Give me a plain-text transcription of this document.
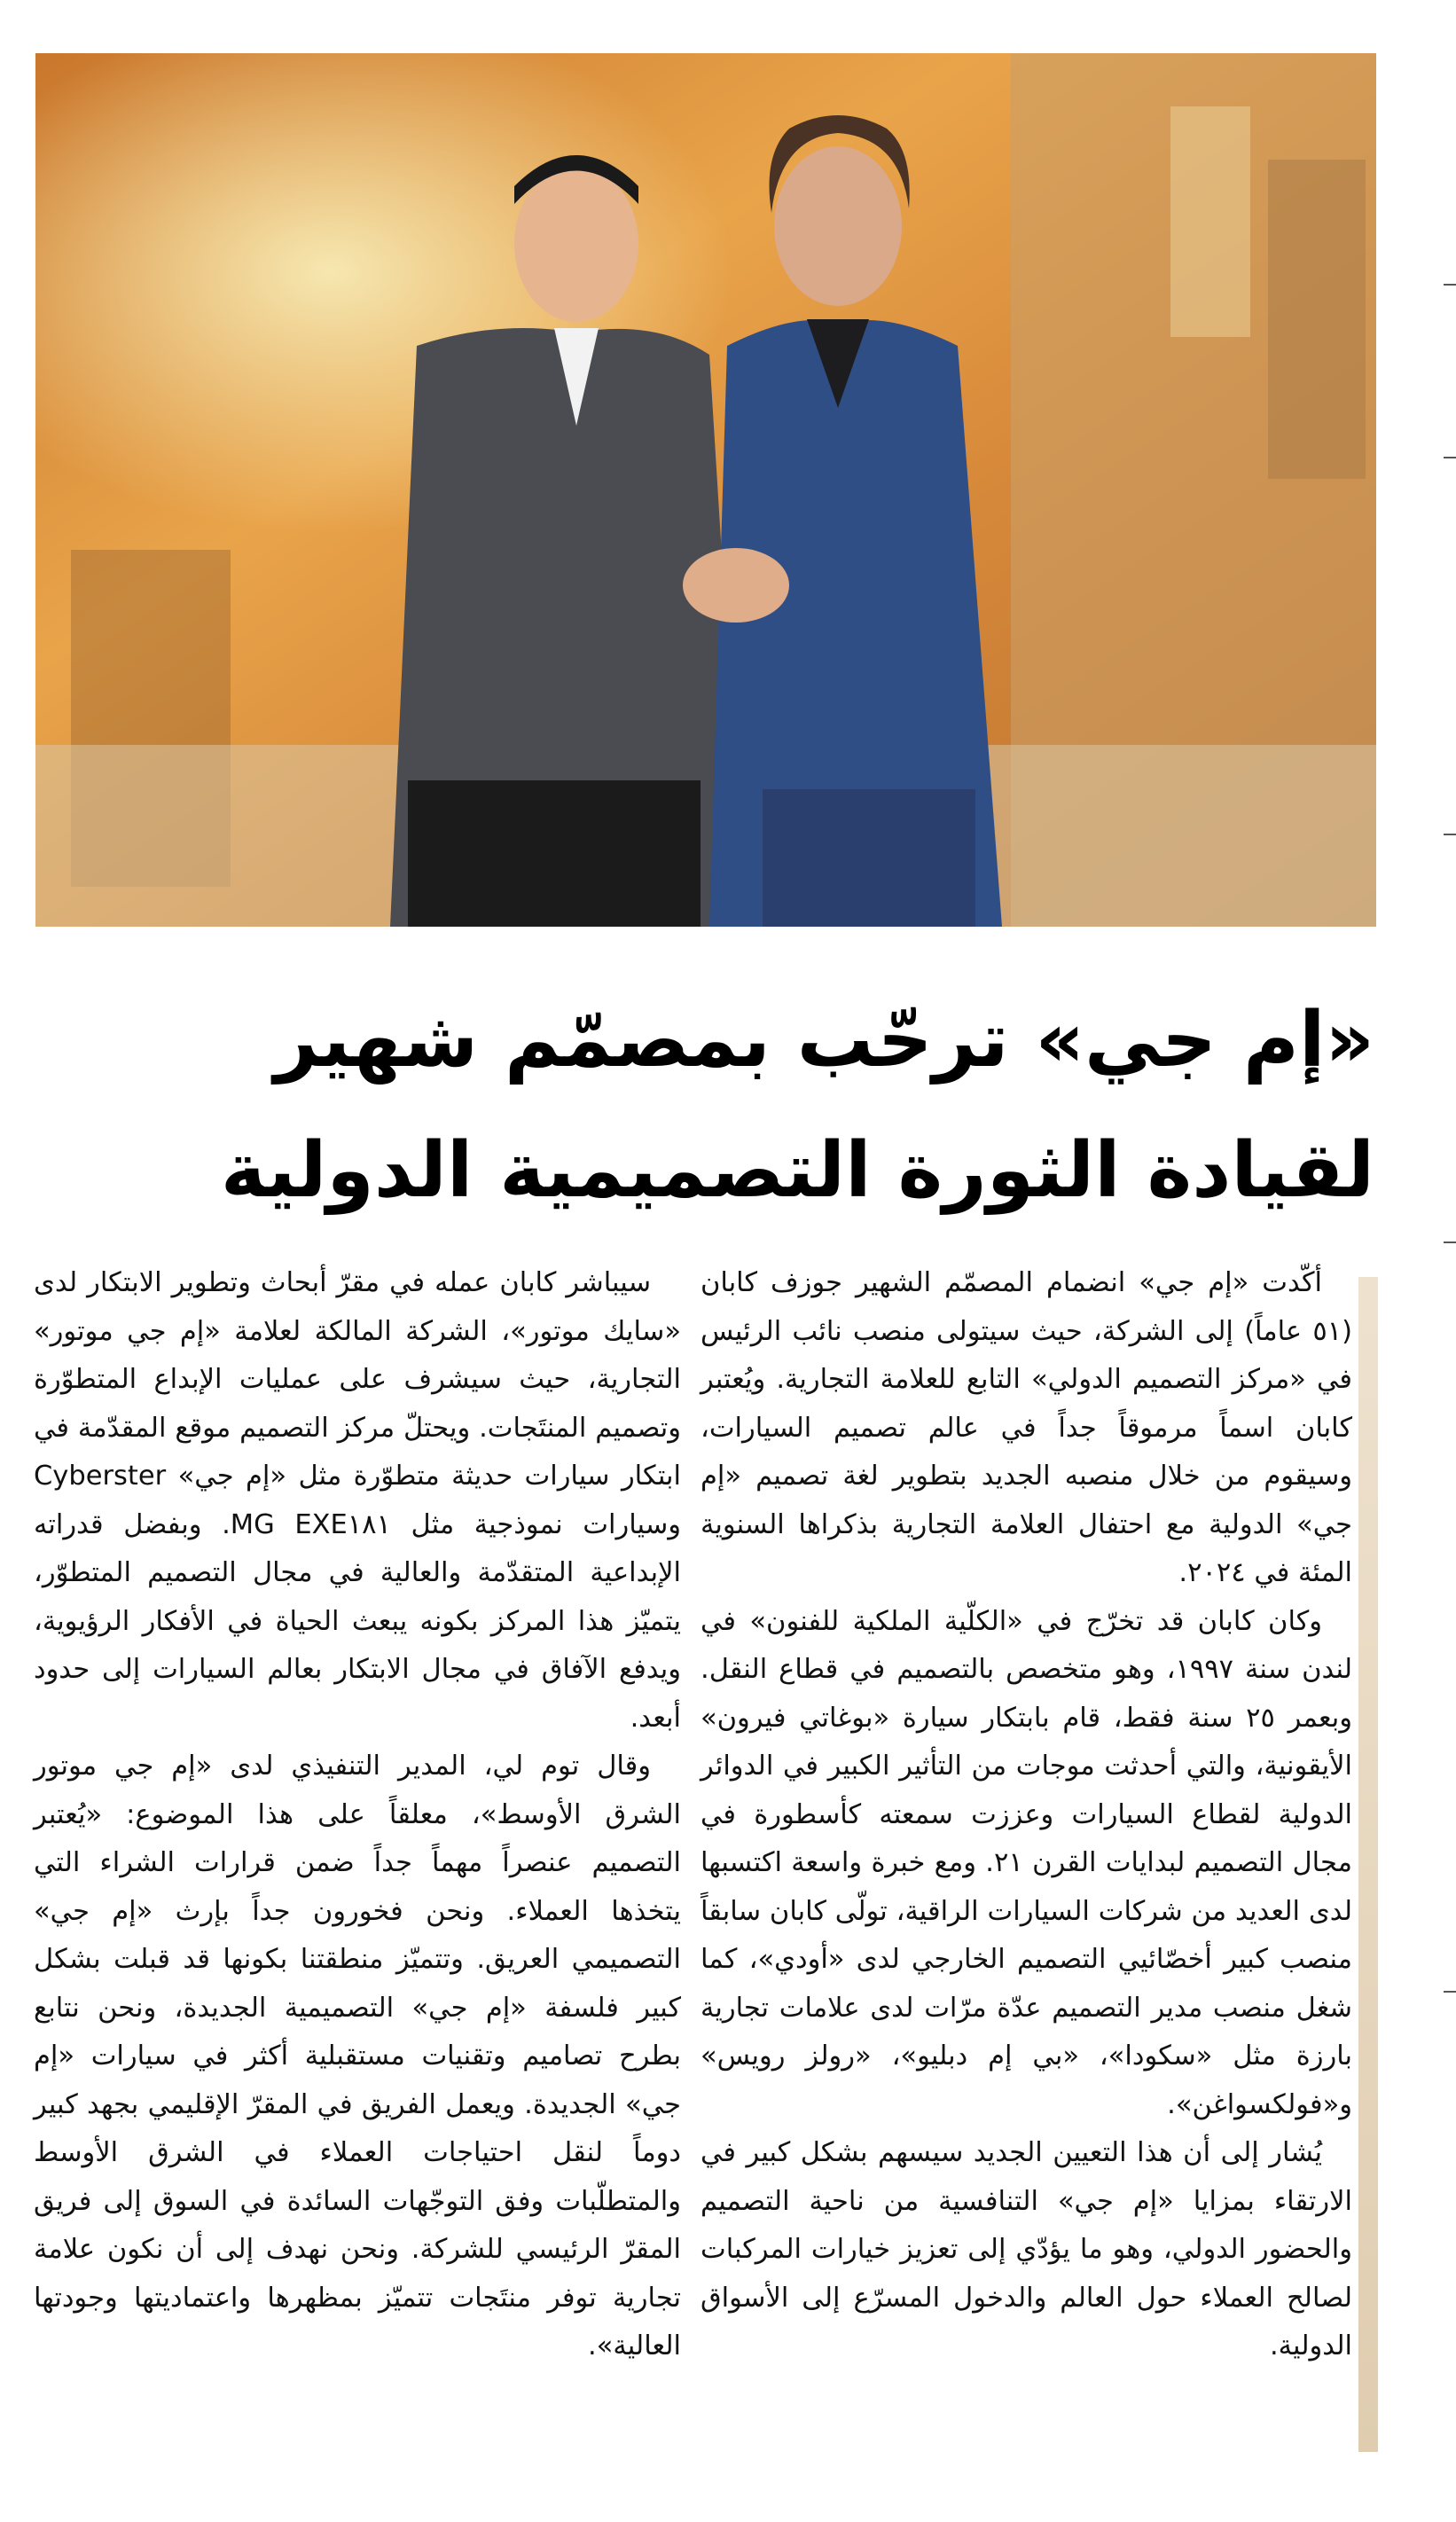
«إم جي» ترحّب بمصمّم شهير
لقيادة الثورة التصميمية الدولية

أكّدت «إم جي» انضمام المصمّم الشهير جوزف كابان (٥١ عاماً) إلى الشركة، حيث سيتولى منصب نائب الرئيس في «مركز التصميم الدولي» التابع للعلامة التجارية. ويُعتبر كابان اسماً مرموقاً جداً في عالم تصميم السيارات، وسيقوم من خلال منصبه الجديد بتطوير لغة تصميم «إم جي» الدولية مع احتفال العلامة التجارية بذكراها السنوية المئة في ٢٠٢٤.

وكان كابان قد تخرّج في «الكلّية الملكية للفنون» في لندن سنة ١٩٩٧، وهو متخصص بالتصميم في قطاع النقل. وبعمر ٢٥ سنة فقط، قام بابتكار سيارة «بوغاتي فيرون» الأيقونية، والتي أحدثت موجات من التأثير الكبير في الدوائر الدولية لقطاع السيارات وعززت سمعته كأسطورة في مجال التصميم لبدايات القرن ٢١. ومع خبرة واسعة اكتسبها لدى العديد من شركات السيارات الراقية، تولّى كابان سابقاً منصب كبير أخصّائيي التصميم الخارجي لدى «أودي»، كما شغل منصب مدير التصميم عدّة مرّات لدى علامات تجارية بارزة مثل «سكودا»، «بي إم دبليو»، «رولز رويس» و«فولكسواغن».

يُشار إلى أن هذا التعيين الجديد سيسهم بشكل كبير في الارتقاء بمزايا «إم جي» التنافسية من ناحية التصميم والحضور الدولي، وهو ما يؤدّي إلى تعزيز خيارات المركبات لصالح العملاء حول العالم والدخول المسرّع إلى الأسواق الدولية.

سيباشر كابان عمله في مقرّ أبحاث وتطوير الابتكار لدى «سايك موتور»، الشركة المالكة لعلامة «إم جي موتور» التجارية، حيث سيشرف على عمليات الإبداع المتطوّرة وتصميم المنتَجات. ويحتلّ مركز التصميم موقع المقدّمة في ابتكار سيارات حديثة متطوّرة مثل «إم جي» Cyberster وسيارات نموذجية مثل MG EXE١٨١. وبفضل قدراته الإبداعية المتقدّمة والعالية في مجال التصميم المتطوّر، يتميّز هذا المركز بكونه يبعث الحياة في الأفكار الرؤيوية، ويدفع الآفاق في مجال الابتكار بعالم السيارات إلى حدود أبعد.

وقال توم لي، المدير التنفيذي لدى «إم جي موتور الشرق الأوسط»، معلقاً على هذا الموضوع: «يُعتبر التصميم عنصراً مهماً جداً ضمن قرارات الشراء التي يتخذها العملاء. ونحن فخورون جداً بإرث «إم جي» التصميمي العريق. وتتميّز منطقتنا بكونها قد قبلت بشكل كبير فلسفة «إم جي» التصميمية الجديدة، ونحن نتابع بطرح تصاميم وتقنيات مستقبلية أكثر في سيارات «إم جي» الجديدة. ويعمل الفريق في المقرّ الإقليمي بجهد كبير دوماً لنقل احتياجات العملاء في الشرق الأوسط والمتطلّبات وفق التوجّهات السائدة في السوق إلى فريق المقرّ الرئيسي للشركة. ونحن نهدف إلى أن نكون علامة تجارية توفر منتَجات تتميّز بمظهرها واعتماديتها وجودتها العالية».
